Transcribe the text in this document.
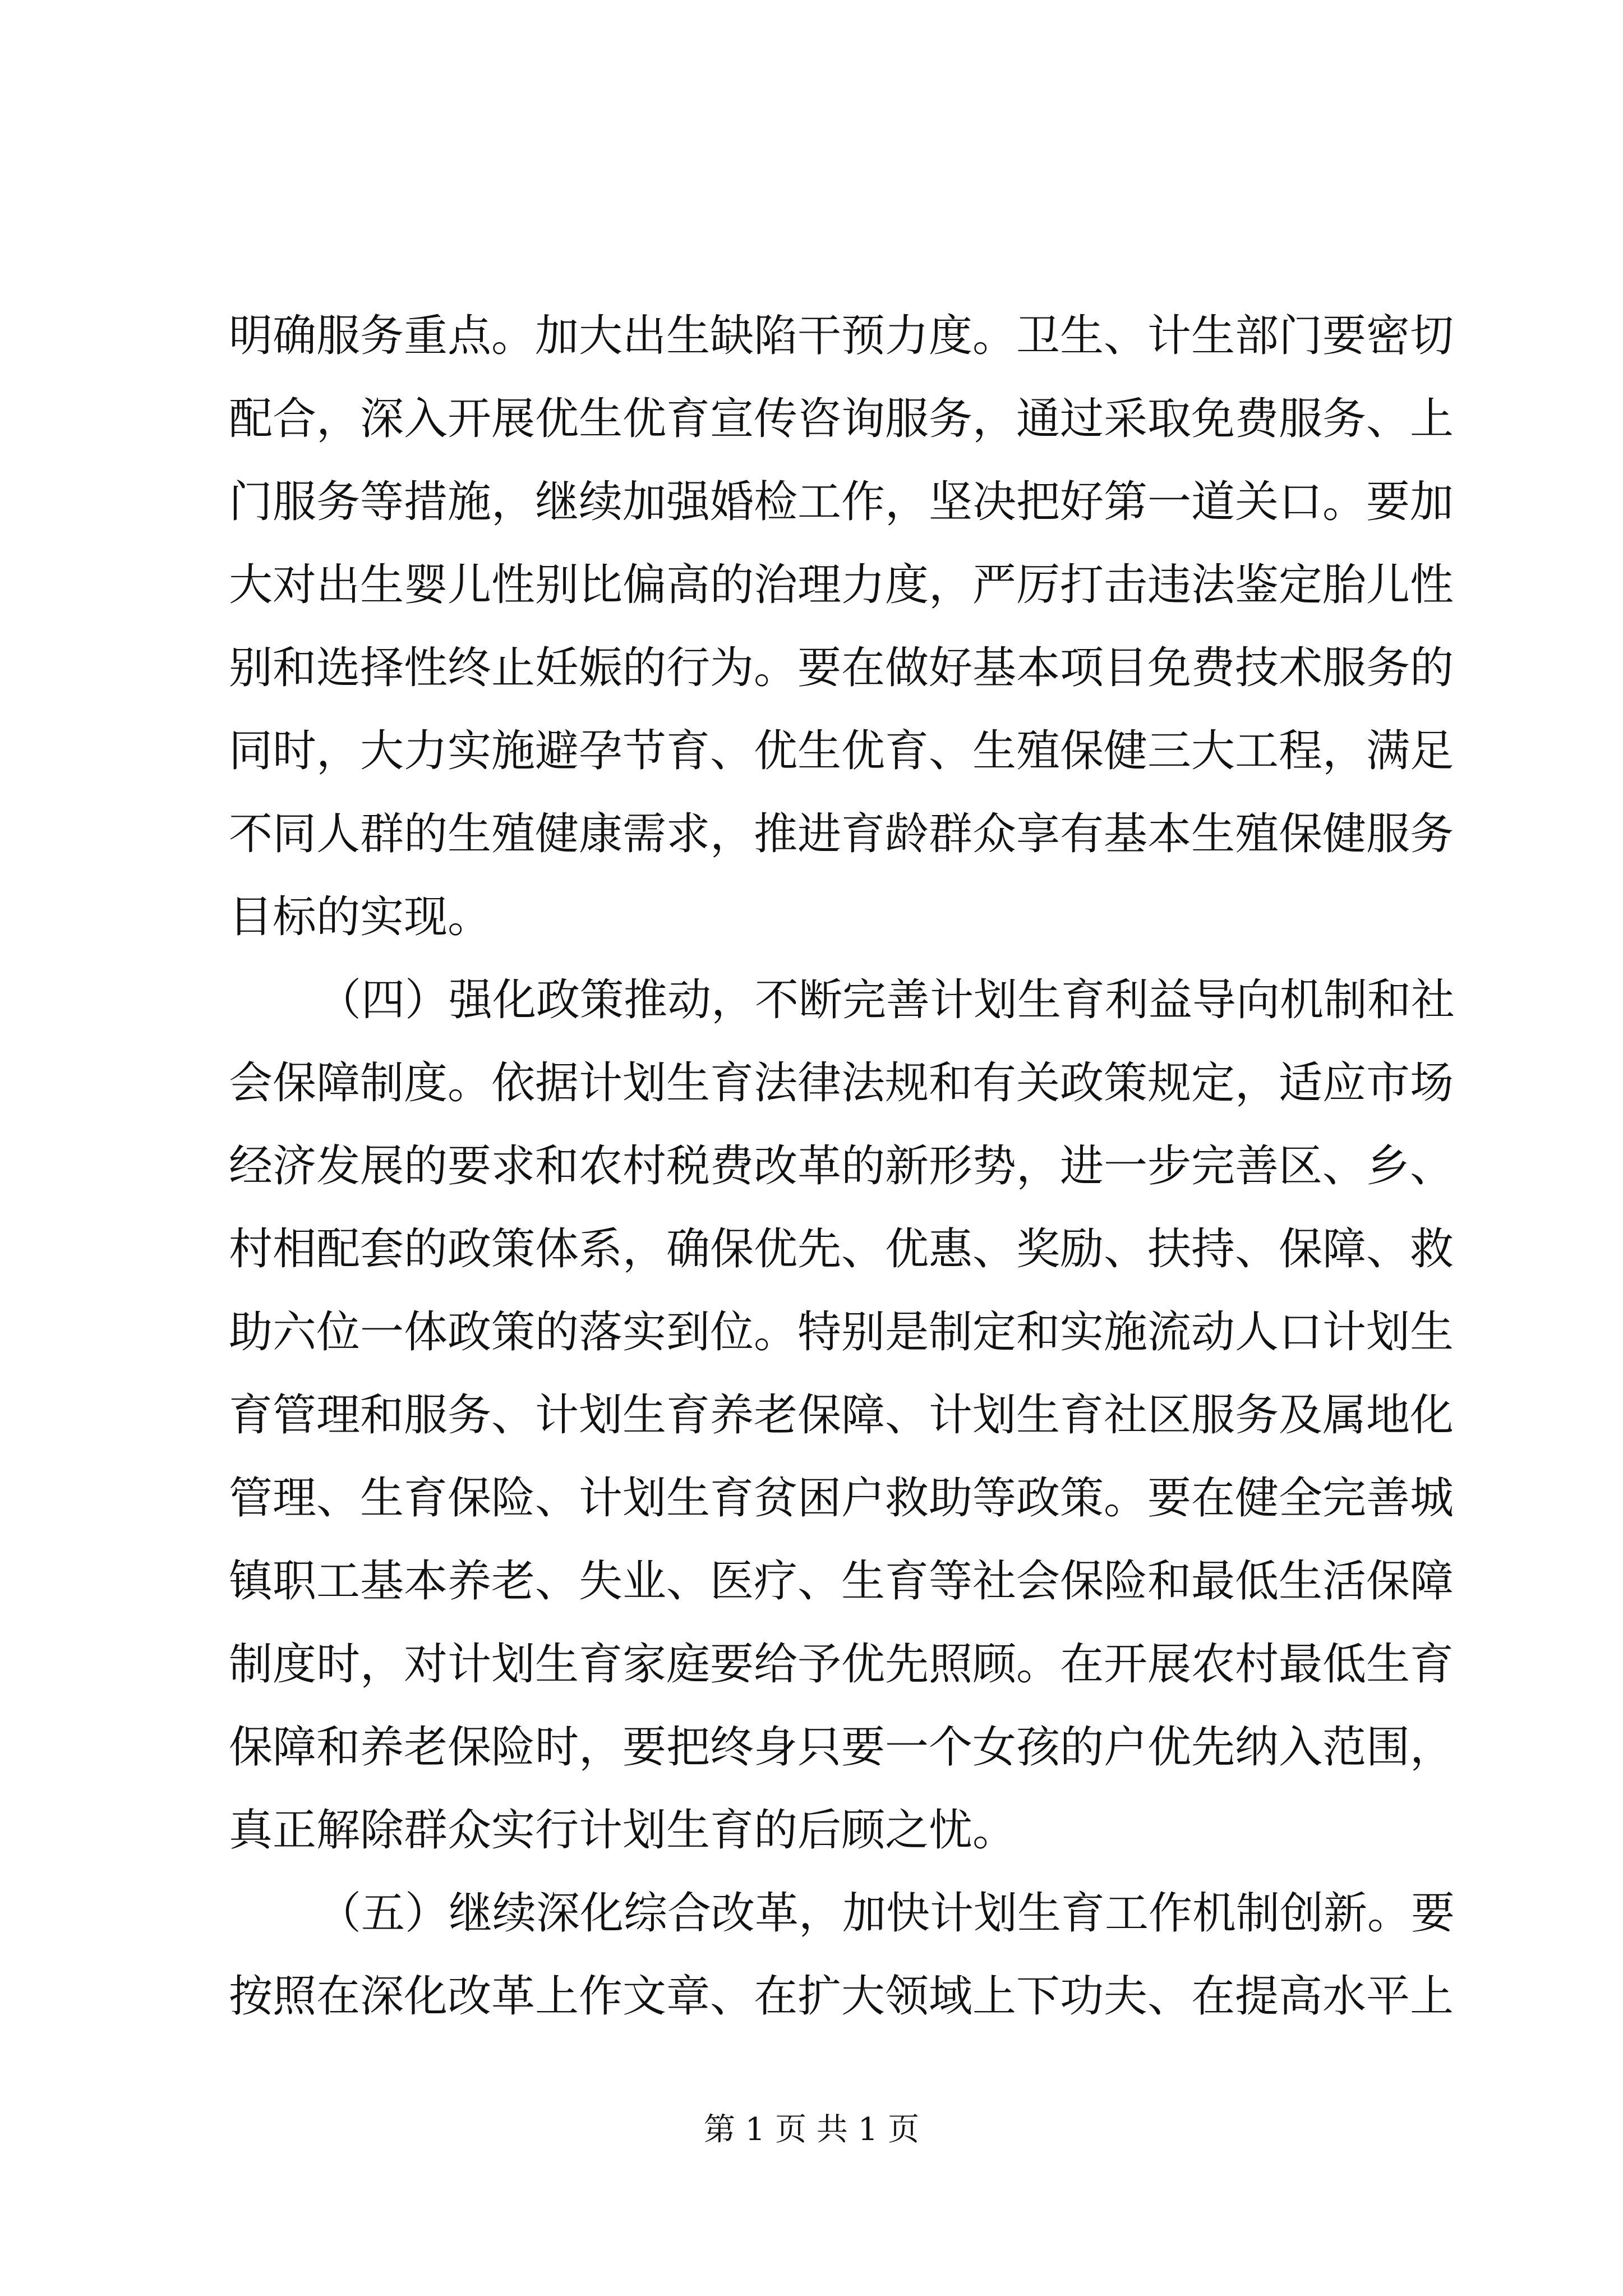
明确服务重点。加大出生缺陷干预力度。卫生、计生部门要密切
配合，深入开展优生优育宣传咨询服务，通过采取免费服务、上
门服务等措施，继续加强婚检工作，坚决把好第一道关口。要加
大对出生婴儿性别比偏高的治理力度，严厉打击违法鉴定胎儿性
别和选择性终止妊娠的行为。要在做好基本项目免费技术服务的
同时，大力实施避孕节育、优生优育、生殖保健三大工程，满足
不同人群的生殖健康需求，推进育龄群众享有基本生殖保健服务
目标的实现。
（四）强化政策推动，不断完善计划生育利益导向机制和社
会保障制度。依据计划生育法律法规和有关政策规定，适应市场
经济发展的要求和农村税费改革的新形势，进一步完善区、乡、
村相配套的政策体系，确保优先、优惠、奖励、扶持、保障、救
助六位一体政策的落实到位。特别是制定和实施流动人口计划生
育管理和服务、计划生育养老保障、计划生育社区服务及属地化
管理、生育保险、计划生育贫困户救助等政策。要在健全完善城
镇职工基本养老、失业、医疗、生育等社会保险和最低生活保障
制度时，对计划生育家庭要给予优先照顾。在开展农村最低生育
保障和养老保险时，要把终身只要一个女孩的户优先纳入范围，
真正解除群众实行计划生育的后顾之忧。
（五）继续深化综合改革，加快计划生育工作机制创新。要
按照在深化改革上作文章、在扩大领域上下功夫、在提高水平上
第 1 页 共 1 页
